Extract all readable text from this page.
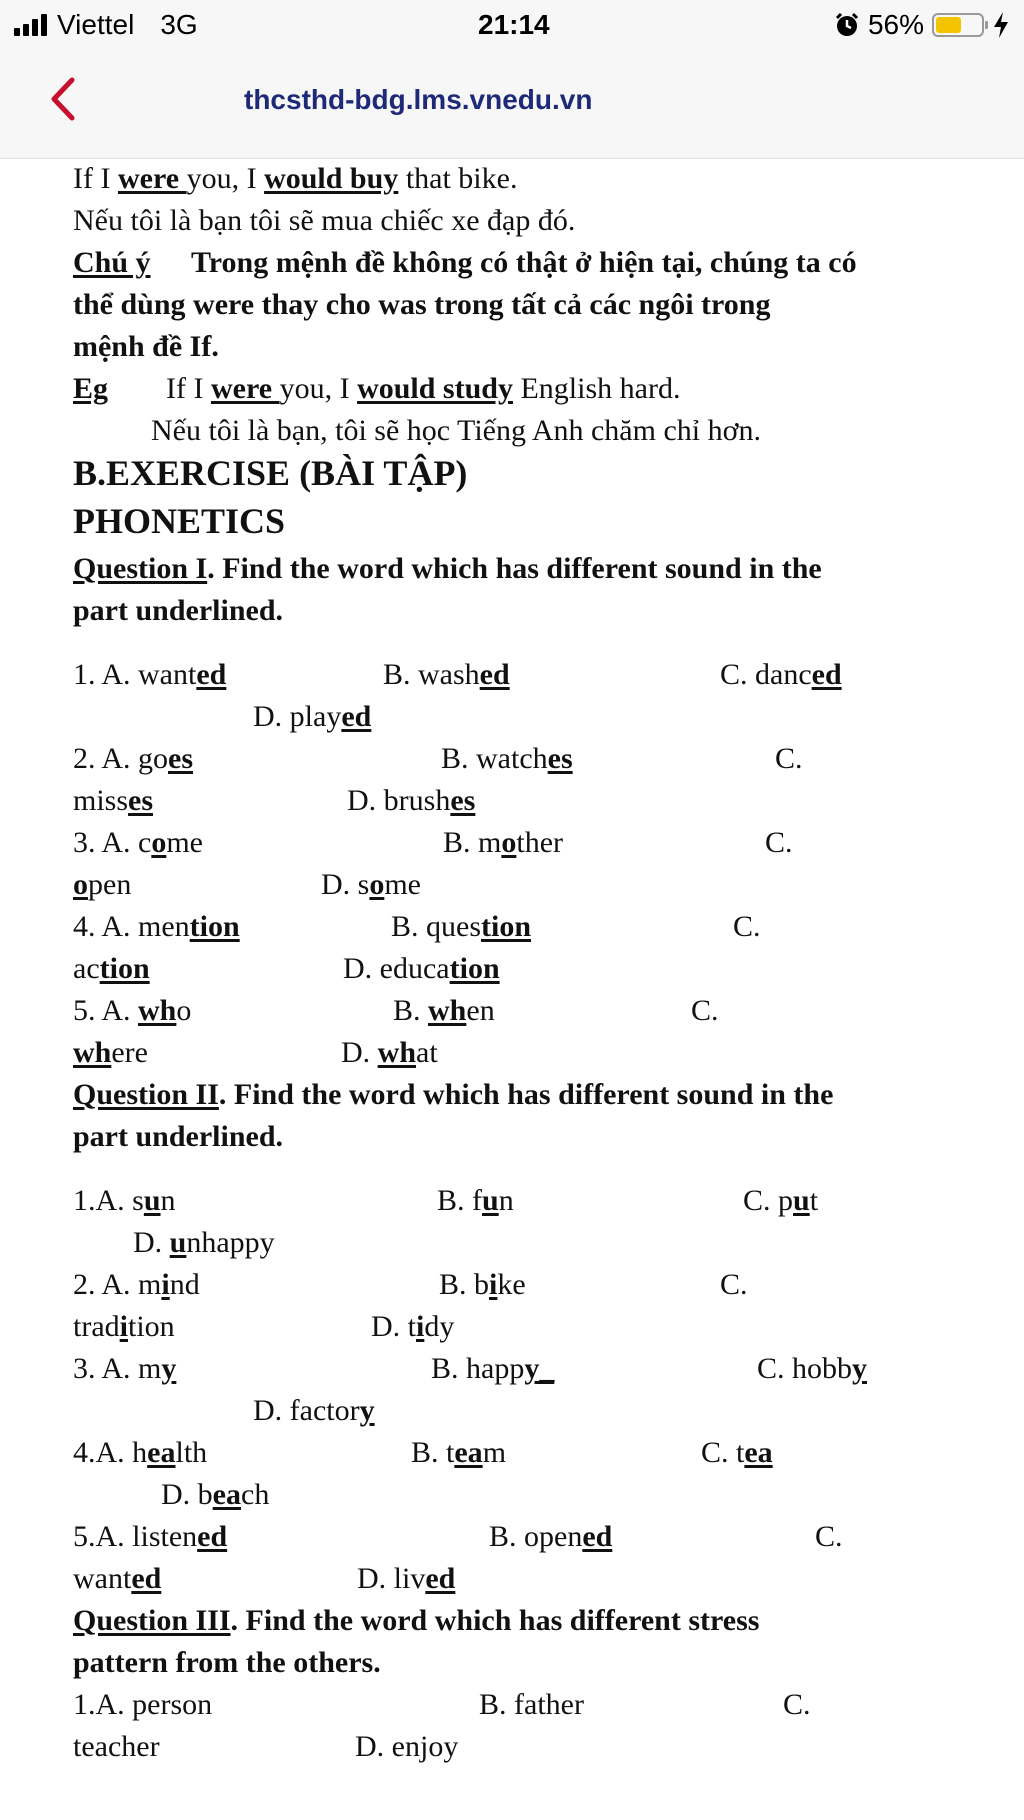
Viettel 3G	21:14	56%
thcsthd-bdg.lms.vnedu.vn
If I were you, I would buy that bike.
Nếu tôi là bạn tôi sẽ mua chiếc xe đạp đó.
Chú ý Trong mệnh đề không có thật ở hiện tại, chúng ta có
thể dùng were thay cho was trong tất cả các ngôi trong
mệnh đề If.
Eg If I were you, I would study English hard.
Nếu tôi là bạn, tôi sẽ học Tiếng Anh chăm chỉ hơn.
B.EXERCISE (BÀI TẬP)
PHONETICS
Question I. Find the word which has different sound in the
part underlined.
1. A. wanted	B. washed	C. danced
D. played
2. A. goes	B. watches	C.
misses	D. brushes
3. A. come	B. mother	C.
open	D. some
4. A. mention	B. question	C.
action	D. education
5. A. who	B. when	C.
where	D. what
Question II. Find the word which has different sound in the
part underlined.
1.A. sun	B. fun	C. put
D. unhappy
2. A. mind	B. bike	C.
tradition	D. tidy
3. A. my	B. happy_	C. hobby
D. factory
4.A. health	B. team	C. tea
D. beach
5.A. listened	B. opened	C.
wanted	D. lived
Question III. Find the word which has different stress
pattern from the others.
1.A. person	B. father	C.
teacher	D. enjoy
